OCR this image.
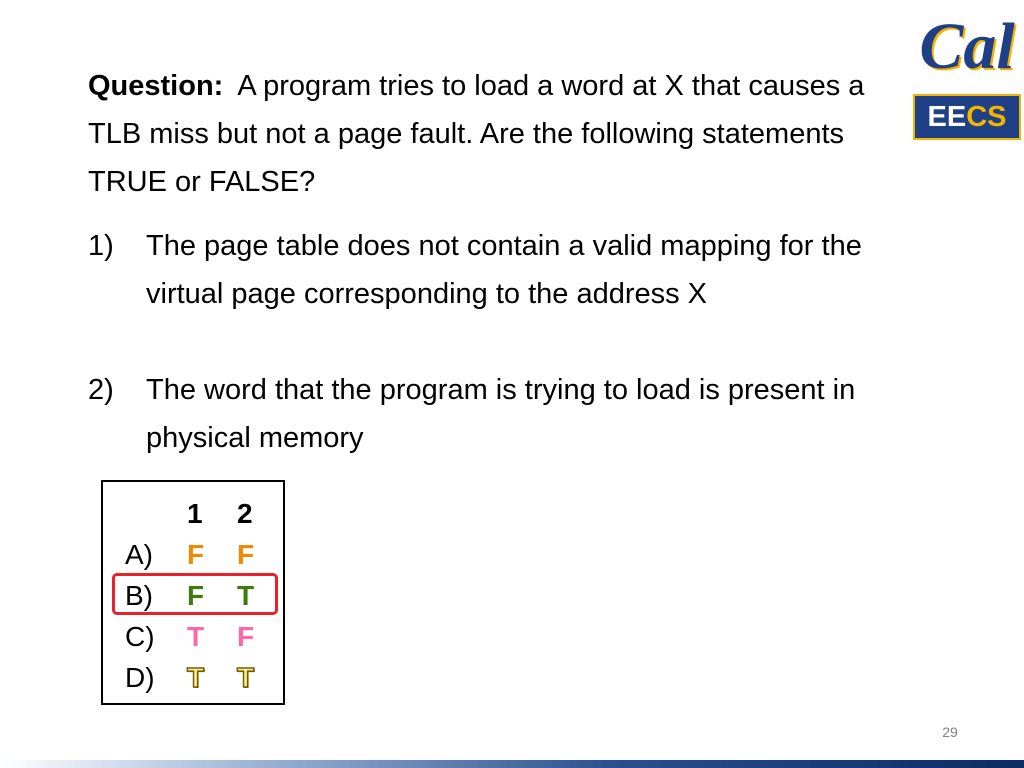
Question: A program tries to load a word at X that causes a TLB miss but not a page fault. Are the following statements TRUE or FALSE?
1) The page table does not contain a valid mapping for the virtual page corresponding to the address X
2) The word that the program is trying to load is present in physical memory
1 2
A) F F
B) F T
C) T F
D) T T
Cal
EECS
29
